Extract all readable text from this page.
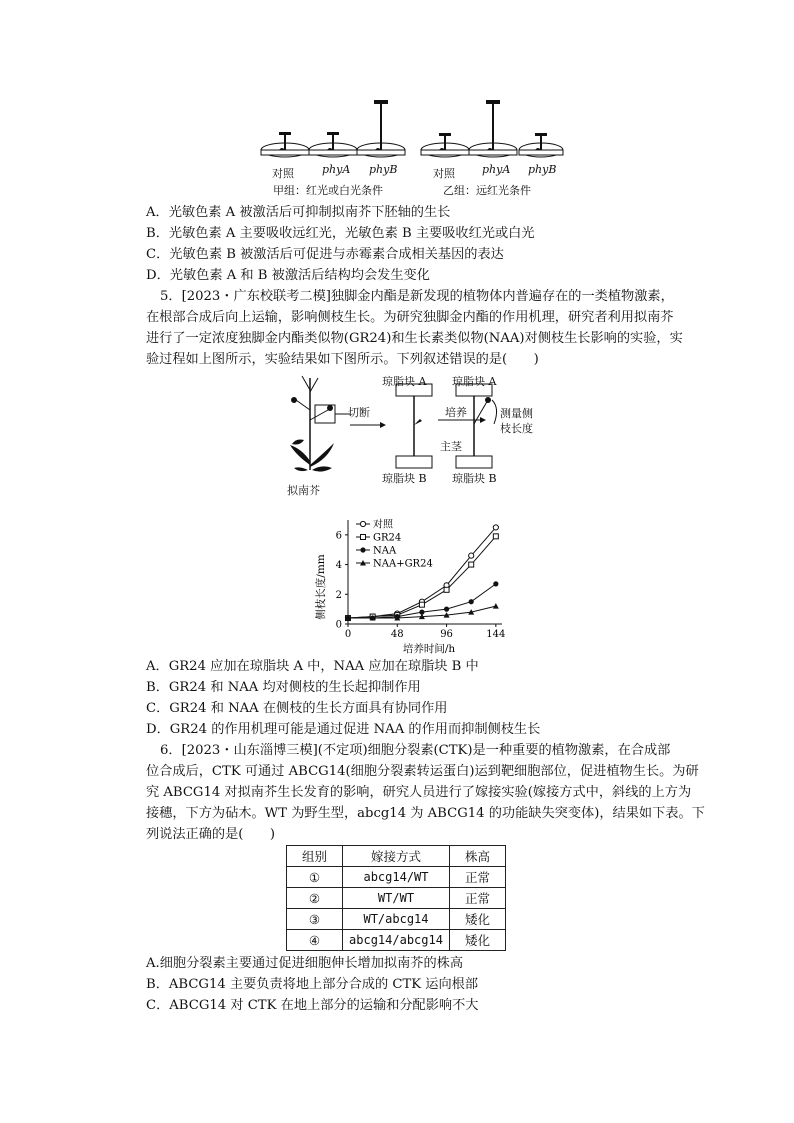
对照	phyA phyB	对照 phyA phyB
甲组：红光或白光条件	乙组：远红光条件
A．光敏色素 A 被激活后可抑制拟南芥下胚轴的生长
B．光敏色素 A 主要吸收远红光，光敏色素 B 主要吸收红光或白光
C．光敏色素 B 被激活后可促进与赤霉素合成相关基因的表达
D．光敏色素 A 和 B 被激活后结构均会发生变化
5．[2023・广东校联考二模]独脚金内酯是新发现的植物体内普遍存在的一类植物激素，
在根部合成后向上运输，影响侧枝生长。为研究独脚金内酯的作用机理，研究者利用拟南芥
进行了一定浓度独脚金内酯类似物(GR24)和生长素类似物(NAA)对侧枝生长影响的实验，实
验过程如上图所示，实验结果如下图所示。下列叙述错误的是(　　)
拟南芥
切断	培养
琼脂块 A 琼脂块 A
琼脂块 B 琼脂块 B
主茎
测量侧
枝长度
0	48	96	144
0
2
4
6
对照
GR24
NAA
NAA+GR24
侧枝长度/mm
培养时间/h
A．GR24 应加在琼脂块 A 中，NAA 应加在琼脂块 B 中
B．GR24 和 NAA 均对侧枝的生长起抑制作用
C．GR24 和 NAA 在侧枝的生长方面具有协同作用
D．GR24 的作用机理可能是通过促进 NAA 的作用而抑制侧枝生长
6．[2023・山东淄博三模](不定项)细胞分裂素(CTK)是一种重要的植物激素，在合成部
位合成后，CTK 可通过 ABCG14(细胞分裂素转运蛋白)运到靶细胞部位，促进植物生长。为研
究 ABCG14 对拟南芥生长发育的影响，研究人员进行了嫁接实验(嫁接方式中，斜线的上方为
接穗，下方为砧木。WT 为野生型，abcg14 为 ABCG14 的功能缺失突变体)，结果如下表。下
列说法正确的是(　　)
组别	嫁接方式	株高
①	abcg14/WT	正常
②	WT/WT	正常
③	WT/abcg14	矮化
④	abcg14/abcg14	矮化
A.细胞分裂素主要通过促进细胞伸长增加拟南芥的株高
B．ABCG14 主要负责将地上部分合成的 CTK 运向根部
C．ABCG14 对 CTK 在地上部分的运输和分配影响不大
